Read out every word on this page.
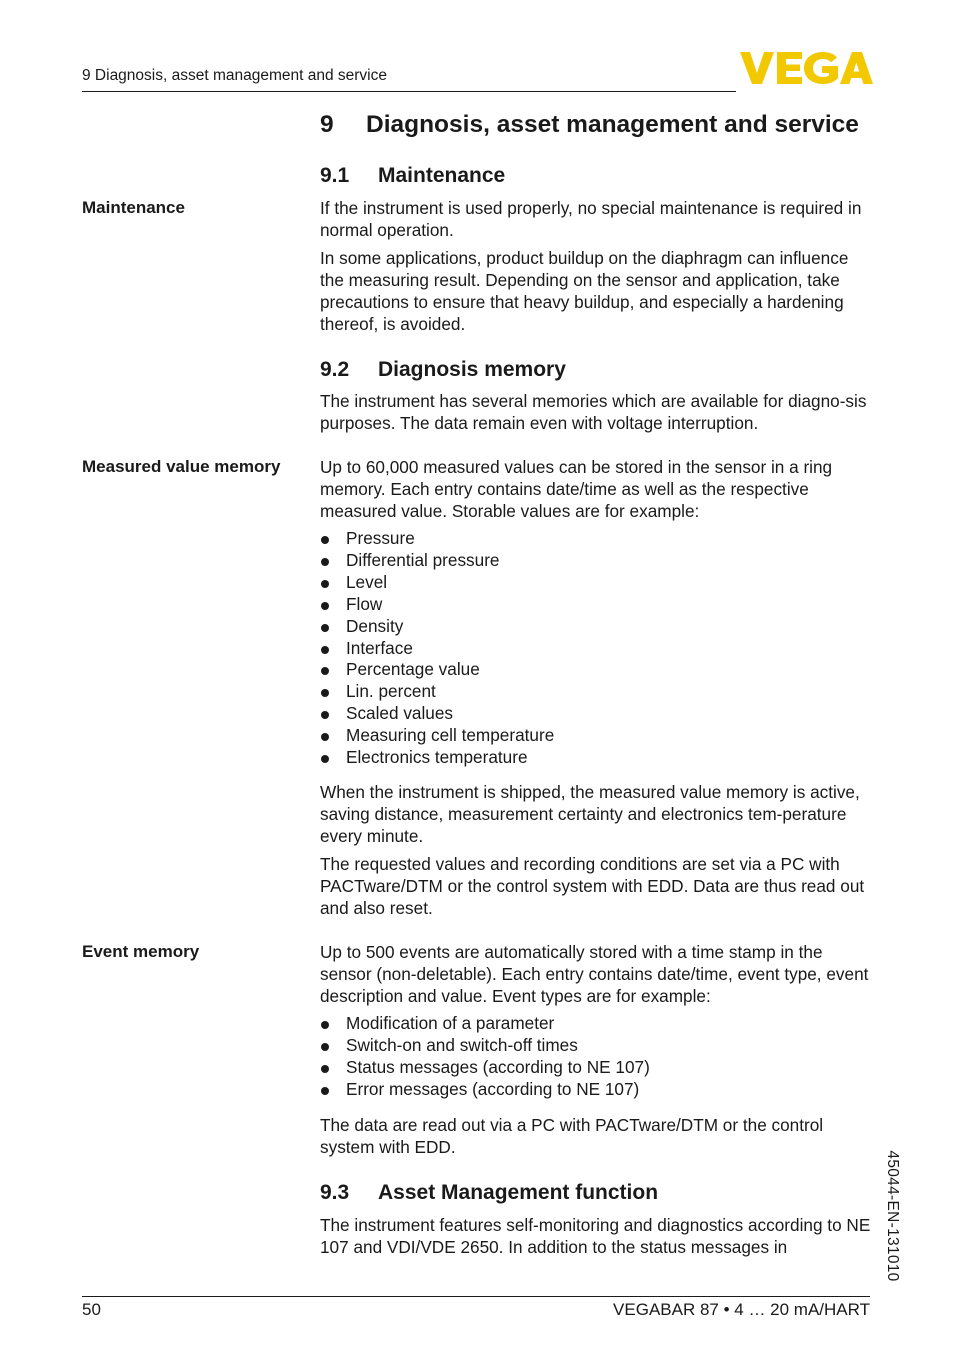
9 Diagnosis, asset management and service
9 Diagnosis, asset management and service
9.1 Maintenance
Maintenance	If the instrument is used properly, no special maintenance is required in normal operation.
In some applications, product buildup on the diaphragm can influence the measuring result. Depending on the sensor and application, take precautions to ensure that heavy buildup, and especially a hardening thereof, is avoided.
9.2 Diagnosis memory
The instrument has several memories which are available for diagno-sis purposes. The data remain even with voltage interruption.
Measured value memory Up to 60,000 measured values can be stored in the sensor in a ring memory. Each entry contains date/time as well as the respective measured value. Storable values are for example:
Pressure
Differential pressure
Level
Flow
Density
Interface
Percentage value
Lin. percent
Scaled values
Measuring cell temperature
Electronics temperature
When the instrument is shipped, the measured value memory is active, saving distance, measurement certainty and electronics tem-perature every minute.
The requested values and recording conditions are set via a PC with PACTware/DTM or the control system with EDD. Data are thus read out and also reset.
Event memory	Up to 500 events are automatically stored with a time stamp in the sensor (non-deletable). Each entry contains date/time, event type, event description and value. Event types are for example:
Modification of a parameter
Switch-on and switch-off times
Status messages (according to NE 107)
Error messages (according to NE 107)
The data are read out via a PC with PACTware/DTM or the control system with EDD.
9.3 Asset Management function
The instrument features self-monitoring and diagnostics according to NE 107 and VDI/VDE 2650. In addition to the status messages in	45044-EN-131010
50	VEGABAR 87 • 4 … 20 mA/HART
